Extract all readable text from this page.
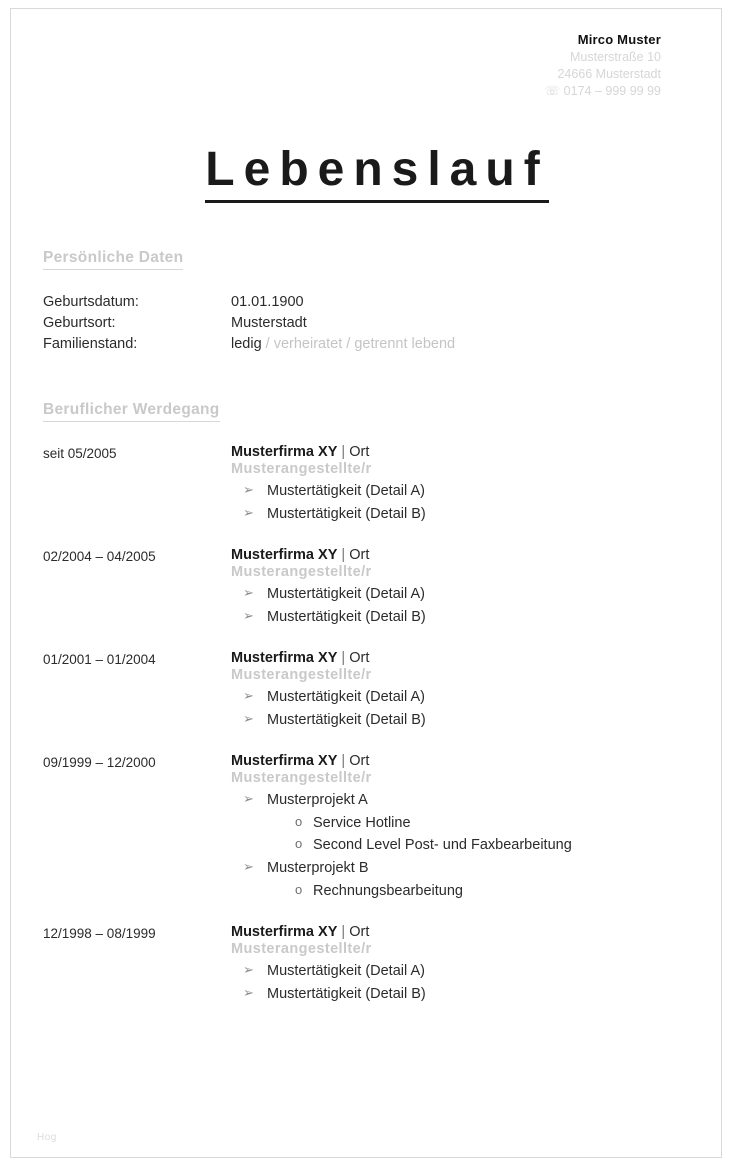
Mirco Muster
Musterstraße 10
24666 Musterstadt
☏ 0174 – 999 99 99
Lebenslauf
Persönliche Daten
Geburtsdatum:	01.01.1900
Geburtsort:	Musterstadt
Familienstand:	ledig / verheiratet / getrennt lebend
Beruflicher Werdegang
seit 05/2005	Musterfirma XY | Ort
Musterangestellte/r
➢ Mustertätigkeit (Detail A)
➢ Mustertätigkeit (Detail B)
02/2004 – 04/2005	Musterfirma XY | Ort
Musterangestellte/r
➢ Mustertätigkeit (Detail A)
➢ Mustertätigkeit (Detail B)
01/2001 – 01/2004	Musterfirma XY | Ort
Musterangestellte/r
➢ Mustertätigkeit (Detail A)
➢ Mustertätigkeit (Detail B)
09/1999 – 12/2000	Musterfirma XY | Ort
Musterangestellte/r
➢ Musterprojekt A
o Service Hotline
o Second Level Post- und Faxbearbeitung
➢ Musterprojekt B
o Rechnungsbearbeitung
12/1998 – 08/1999	Musterfirma XY | Ort
Musterangestellte/r
➢ Mustertätigkeit (Detail A)
➢ Mustertätigkeit (Detail B)
Hog
